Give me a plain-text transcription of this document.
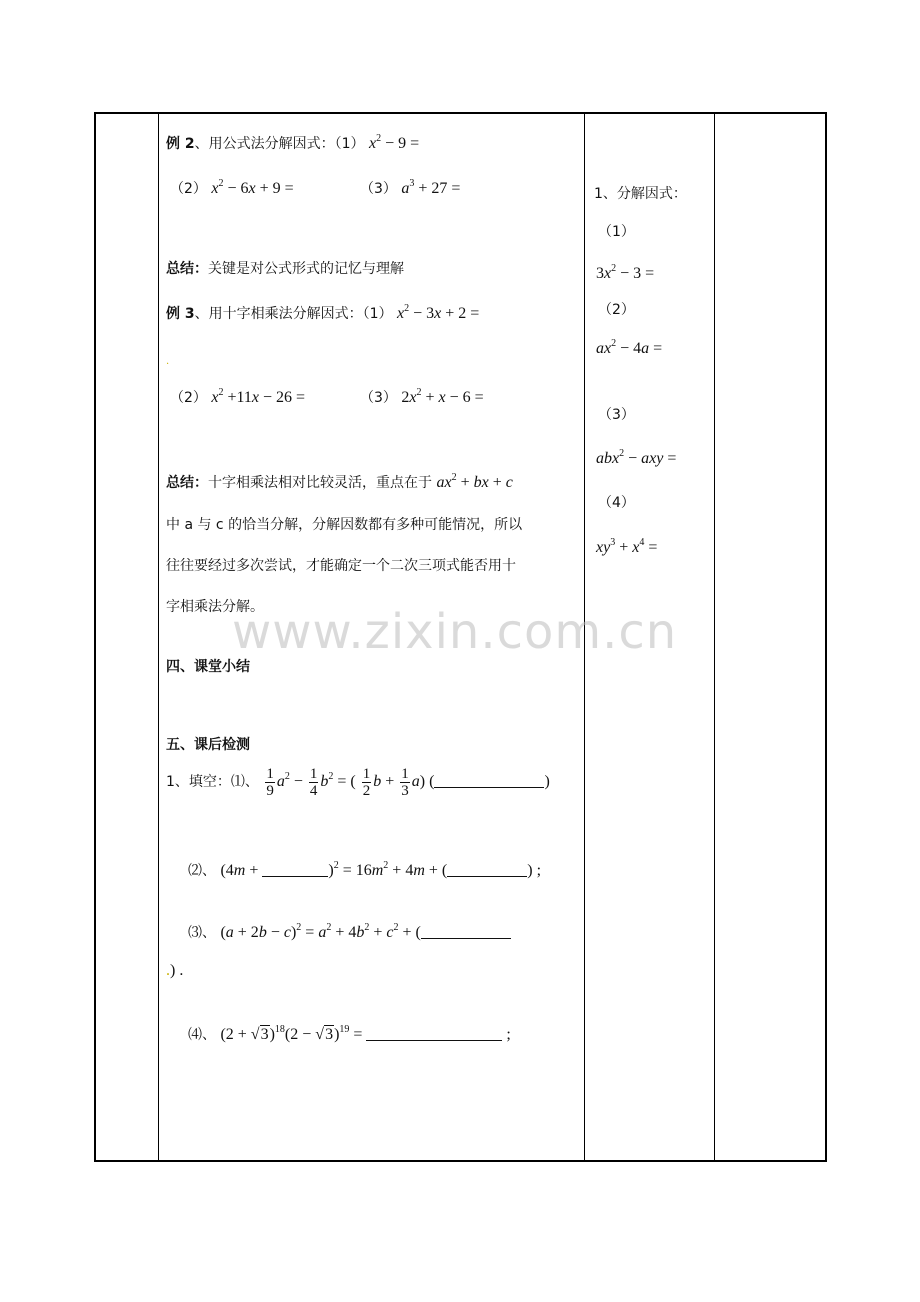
例 2、用公式法分解因式：（1） $x^2 - 9$ =
（2） $x^2 - 6x + 9$ =	（3） $a^3 + 27$ =
总结：关键是对公式形式的记忆与理解
例 3、用十字相乘法分解因式：（1） $x^2 - 3x + 2$ =
.
（2） $x^2 +11x - 26$ =	（3） $2x^2 + x - 6$ =
总结：十字相乘法相对比较灵活，重点在于 $ax^2$ + bx + c
中 a 与 c 的恰当分解，分解因数都有多种可能情况，所以
往往要经过多次尝试，才能确定一个二次三项式能否用十
字相乘法分解。
四、课堂小结
五、课后检测
1、填空：⑴、 $\frac{1}{9} a^2 - \frac{1}{4} b^2$ = ( $\frac{1}{2}$ $b + \frac{1}{3} a$) (	)
⑵、 (4m +	)$^2 = 16m^2 + 4m$ + (	) ;
⑶、 $(a + 2b - c)^2 = a^2 + 4b^2 + c^2$ + (
.) .
⑷、 $(2 + √3)^{18}(2 - √3)^{19}$ =	;
1、分解因式：
（1）
$3x^2 - 3$ =
（2）
$ax^2 - 4a$ =
（3）
abx$^2$ − axy =
（4）
$xy^3 + x^4$ =
www.zixin.com.cn
